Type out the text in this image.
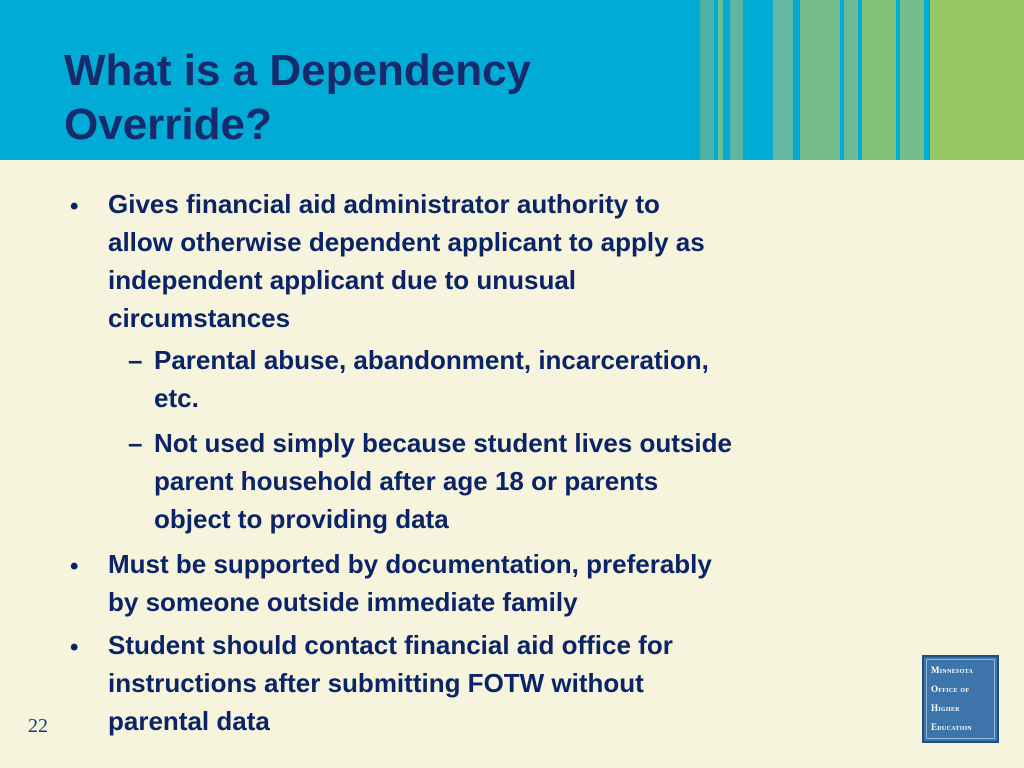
What is a Dependency
Override?
• Gives financial aid administrator authority to
allow otherwise dependent applicant to apply as
independent applicant due to unusual
circumstances
– Parental abuse, abandonment, incarceration,
etc.
– Not used simply because student lives outside
parent household after age 18 or parents
object to providing data
• Must be supported by documentation, preferably
by someone outside immediate family
• Student should contact financial aid office for
instructions after submitting FOTW without
parental data
22
Minnesota
Office of
Higher
Education
